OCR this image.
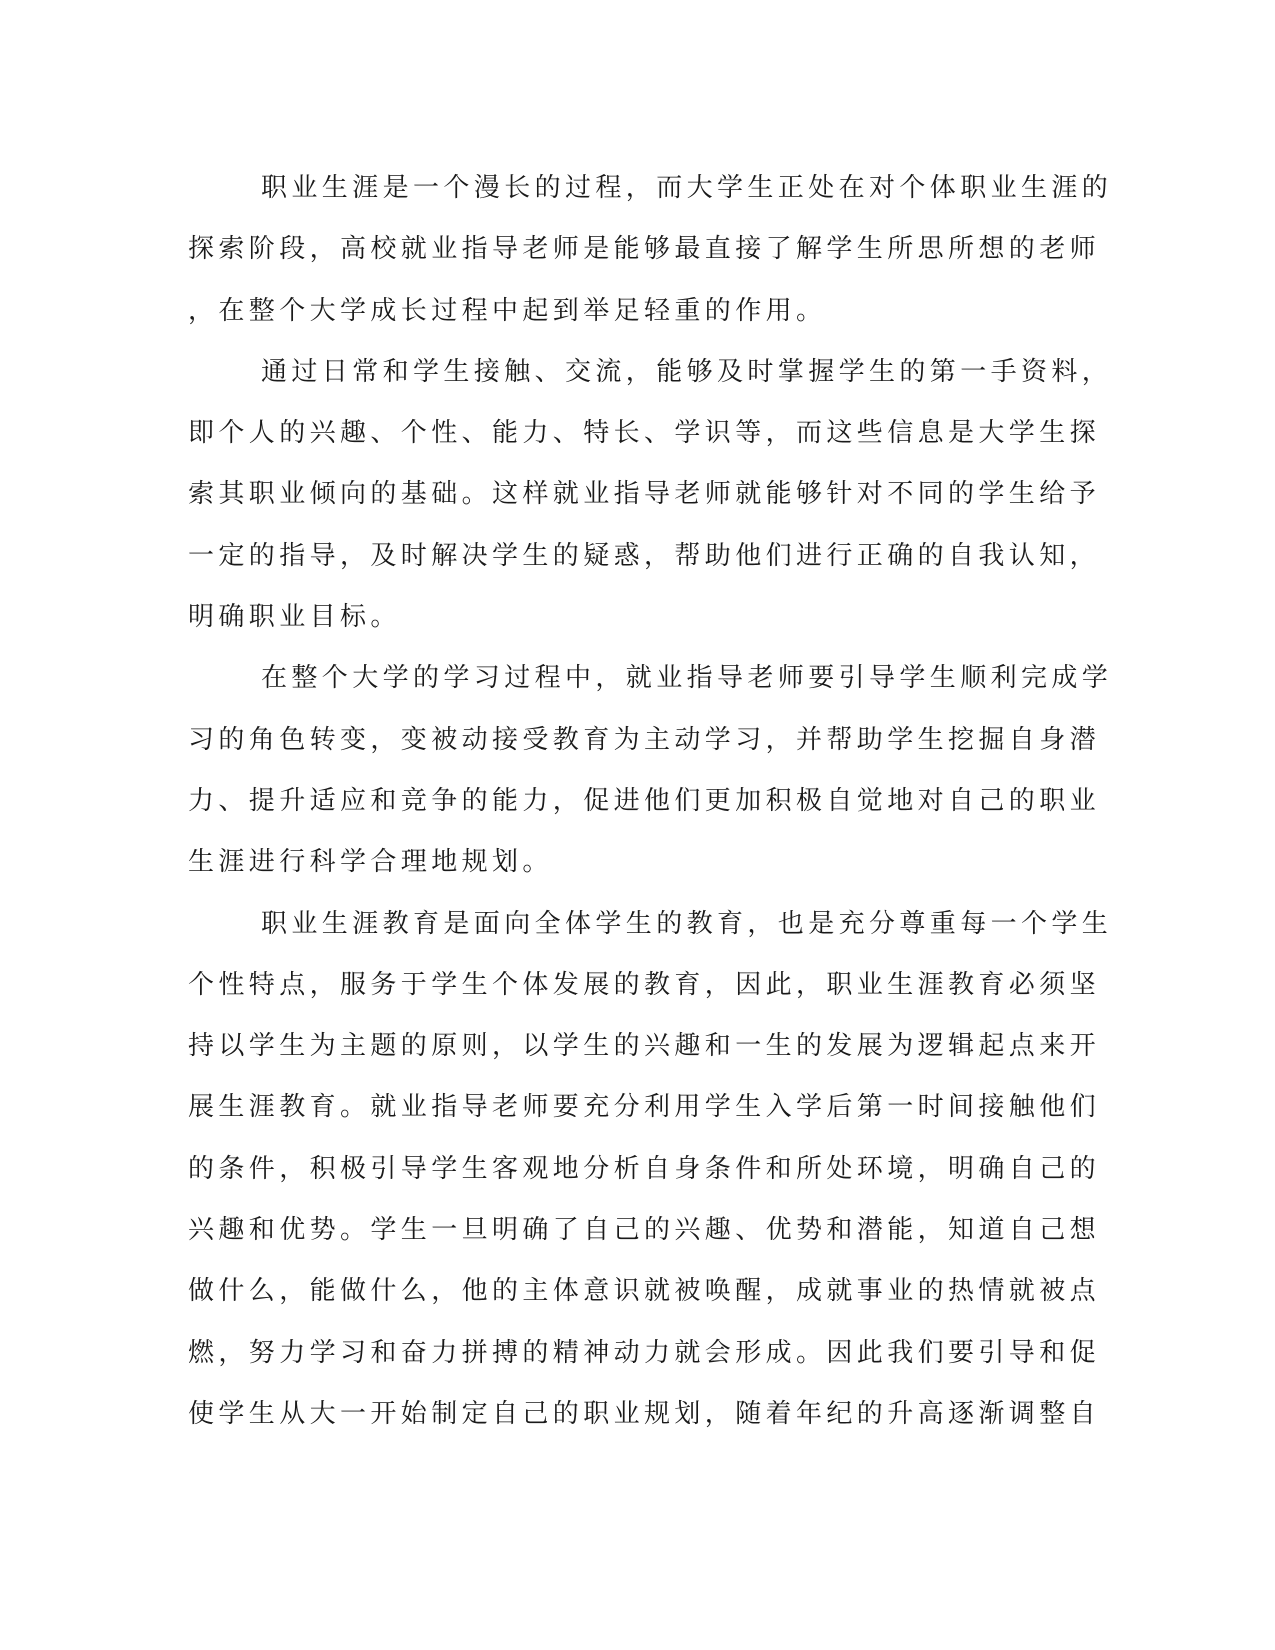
职业生涯是一个漫长的过程，而大学生正处在对个体职业生涯的
探索阶段，高校就业指导老师是能够最直接了解学生所思所想的老师
，在整个大学成长过程中起到举足轻重的作用。
通过日常和学生接触、交流，能够及时掌握学生的第一手资料，
即个人的兴趣、个性、能力、特长、学识等，而这些信息是大学生探
索其职业倾向的基础。这样就业指导老师就能够针对不同的学生给予
一定的指导，及时解决学生的疑惑，帮助他们进行正确的自我认知，
明确职业目标。
在整个大学的学习过程中，就业指导老师要引导学生顺利完成学
习的角色转变，变被动接受教育为主动学习，并帮助学生挖掘自身潜
力、提升适应和竞争的能力，促进他们更加积极自觉地对自己的职业
生涯进行科学合理地规划。
职业生涯教育是面向全体学生的教育，也是充分尊重每一个学生
个性特点，服务于学生个体发展的教育，因此，职业生涯教育必须坚
持以学生为主题的原则，以学生的兴趣和一生的发展为逻辑起点来开
展生涯教育。就业指导老师要充分利用学生入学后第一时间接触他们
的条件，积极引导学生客观地分析自身条件和所处环境，明确自己的
兴趣和优势。学生一旦明确了自己的兴趣、优势和潜能，知道自己想
做什么，能做什么，他的主体意识就被唤醒，成就事业的热情就被点
燃，努力学习和奋力拼搏的精神动力就会形成。因此我们要引导和促
使学生从大一开始制定自己的职业规划，随着年纪的升高逐渐调整自
